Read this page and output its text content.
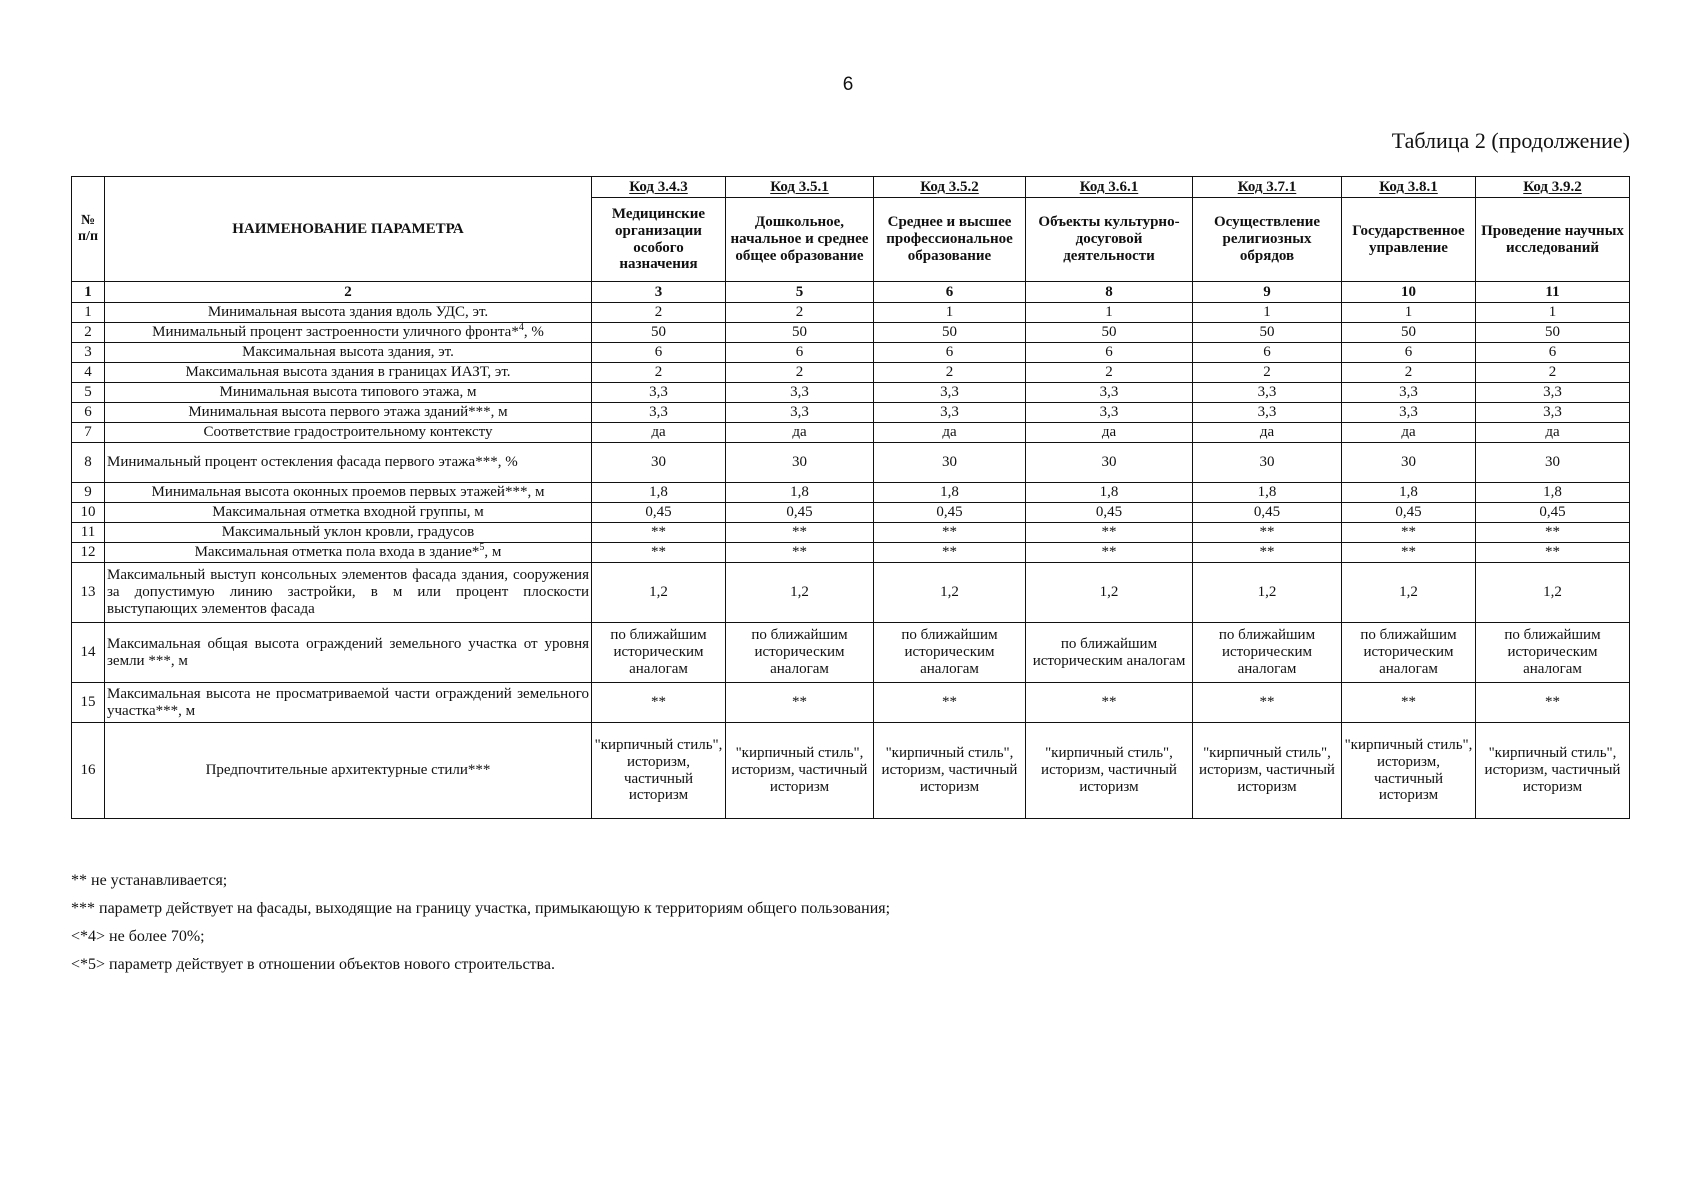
6
Таблица 2 (продолжение)
№ п/п	НАИМЕНОВАНИЕ ПАРАМЕТРА	Код 3.4.3	Код 3.5.1	Код 3.5.2	Код 3.6.1	Код 3.7.1	Код 3.8.1	Код 3.9.2
		Медицинские организации особого назначения	Дошкольное, начальное и среднее общее образование	Среднее и высшее профессиональное образование	Объекты культурно-досуговой деятельности	Осуществление религиозных обрядов	Государственное управление	Проведение научных исследований
1	2	3	5	6	8	9	10	11
1	Минимальная высота здания вдоль УДС, эт.	2	2	1	1	1	1	1
2	Минимальный процент застроенности уличного фронта*$^4$, %	50	50	50	50	50	50	50
3	Максимальная высота здания, эт.	6	6	6	6	6	6	6
4	Максимальная высота здания в границах ИАЗТ, эт.	2	2	2	2	2	2	2
5	Минимальная высота типового этажа, м	3,3	3,3	3,3	3,3	3,3	3,3	3,3
6	Минимальная высота первого этажа зданий***, м	3,3	3,3	3,3	3,3	3,3	3,3	3,3
7	Соответствие градостроительному контексту	да	да	да	да	да	да	да
8	Минимальный процент остекления фасада первого этажа***, %	30	30	30	30	30	30	30
9	Минимальная высота оконных проемов первых этажей***, м	1,8	1,8	1,8	1,8	1,8	1,8	1,8
10	Максимальная отметка входной группы, м	0,45	0,45	0,45	0,45	0,45	0,45	0,45
11	Максимальный уклон кровли, градусов	**	**	**	**	**	**	**
12	Максимальная отметка пола входа в здание*$^5$, м	**	**	**	**	**	**	**
13	Максимальный выступ консольных элементов фасада здания, сооружения за допустимую линию застройки, в м или процент плоскости выступающих элементов фасада	1,2	1,2	1,2	1,2	1,2	1,2	1,2
14	Максимальная общая высота ограждений земельного участка от уровня земли ***, м	по ближайшим историческим аналогам	по ближайшим историческим аналогам	по ближайшим историческим аналогам	по ближайшим историческим аналогам	по ближайшим историческим аналогам	по ближайшим историческим аналогам	по ближайшим историческим аналогам
15	Максимальная высота не просматриваемой части ограждений земельного участка***, м	**	**	**	**	**	**	**
16	Предпочтительные архитектурные стили***	"кирпичный стиль", историзм, частичный историзм	"кирпичный стиль", историзм, частичный историзм	"кирпичный стиль", историзм, частичный историзм	"кирпичный стиль", историзм, частичный историзм	"кирпичный стиль", историзм, частичный историзм	"кирпичный стиль", историзм, частичный историзм	"кирпичный стиль", историзм, частичный историзм
** не устанавливается;
*** параметр действует на фасады, выходящие на границу участка, примыкающую к территориям общего пользования;
<*4> не более 70%;
<*5> параметр действует в отношении объектов нового строительства.
